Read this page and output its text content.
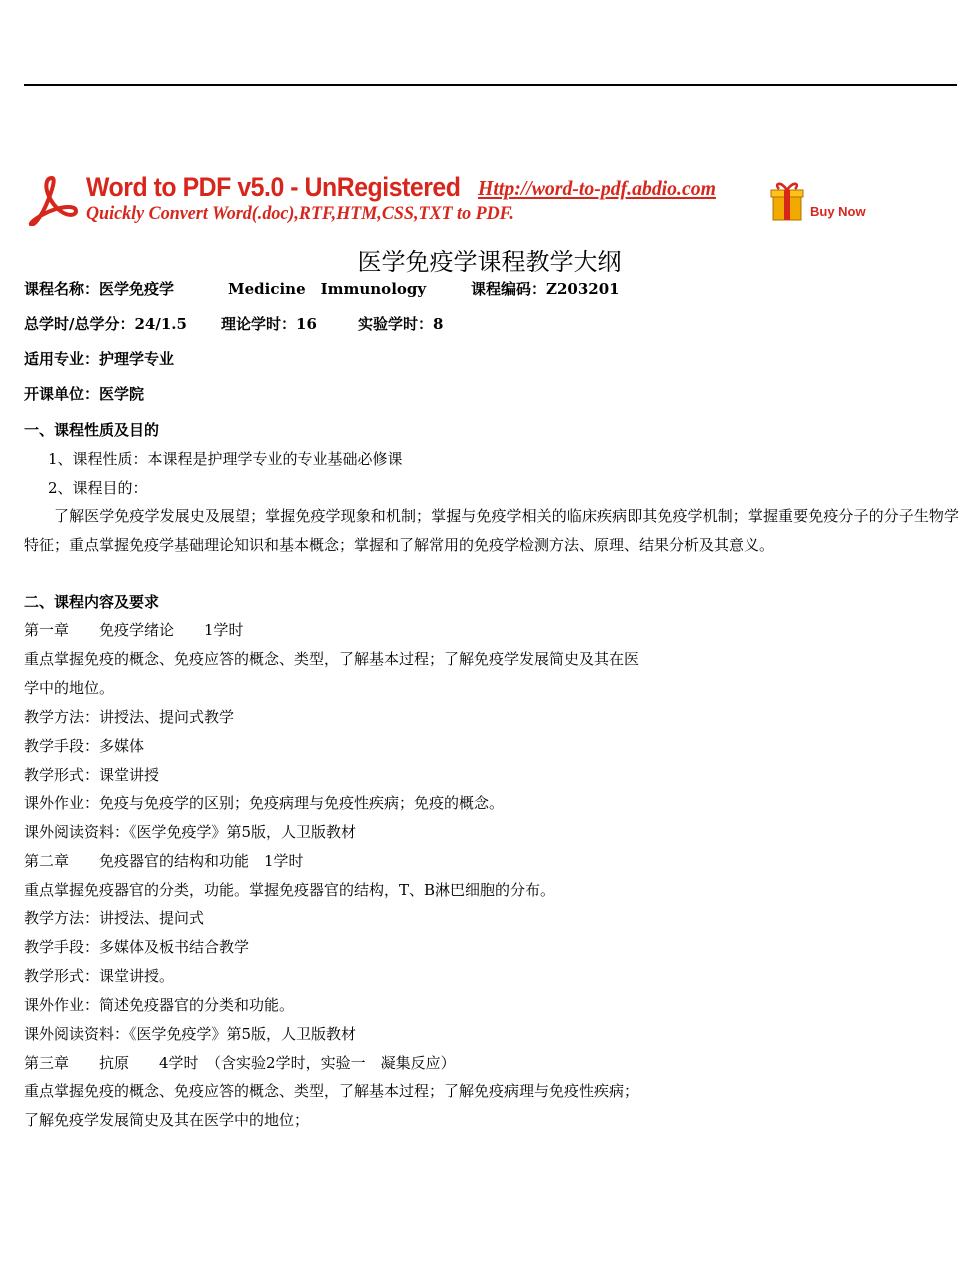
Word to PDF v5.0 - UnRegistered Http://word-to-pdf.abdio.com
Quickly Convert Word(.doc),RTF,HTM,CSS,TXT to PDF.	Buy Now
医学免疫学课程教学大纲
课程名称：医学免疫学	Medicine　Immunology	课程编码：Z203201
总学时/总学分：24/1.5 理论学时：16	实验学时：8
适用专业：护理学专业
开课单位：医学院
一、课程性质及目的
1、课程性质：本课程是护理学专业的专业基础必修课
2、课程目的：
了解医学免疫学发展史及展望；掌握免疫学现象和机制；掌握与免疫学相关的临床疾病即其免疫学机制；掌握重要免疫分子的分子生物学特征；重点掌握免疫学基础理论知识和基本概念；掌握和了解常用的免疫学检测方法、原理、结果分析及其意义。
二、课程内容及要求
第一章　　免疫学绪论　　1学时
重点掌握免疫的概念、免疫应答的概念、类型，了解基本过程；了解免疫学发展简史及其在医
学中的地位。
教学方法：讲授法、提问式教学
教学手段：多媒体
教学形式：课堂讲授
课外作业：免疫与免疫学的区别；免疫病理与免疫性疾病；免疫的概念。
课外阅读资料：《医学免疫学》第5版，人卫版教材
第二章　　免疫器官的结构和功能　1学时
重点掌握免疫器官的分类，功能。掌握免疫器官的结构，T、B淋巴细胞的分布。
教学方法：讲授法、提问式
教学手段：多媒体及板书结合教学
教学形式：课堂讲授。
课外作业：简述免疫器官的分类和功能。
课外阅读资料：《医学免疫学》第5版，人卫版教材
第三章　　抗原　　4学时　（含实验2学时，实验一　凝集反应）
重点掌握免疫的概念、免疫应答的概念、类型，了解基本过程；了解免疫病理与免疫性疾病；
了解免疫学发展简史及其在医学中的地位；
